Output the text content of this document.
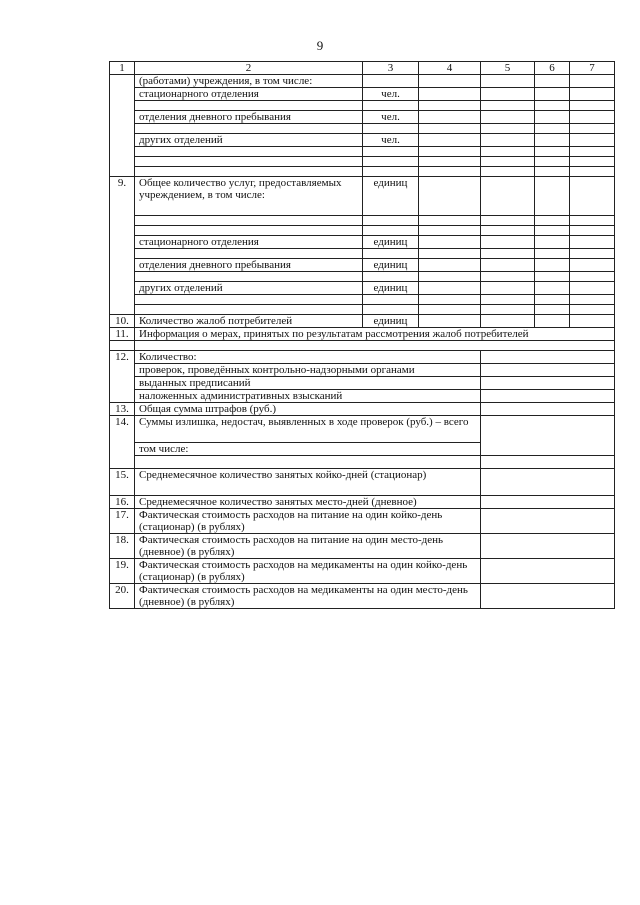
9
1	2	3	4	5	6	7
	(работами) учреждения, в том числе:					
	стационарного отделения	чел.				

	отделения дневного пребывания	чел.				

	других отделений	чел.				

9.	Общее количество услуг, предоставляемых учреждением, в том числе:	единиц				

	стационарного отделения	единиц				

	отделения дневного пребывания	единиц				

	других отделений	единиц				

10.	Количество жалоб потребителей	единиц				
11.	Информация о мерах, принятых по результатам рассмотрения жалоб потребителей					

12.	Количество:					
	проверок, проведённых контрольно-надзорными органами					
	выданных предписаний					
	наложенных административных взысканий					
13.	Общая сумма штрафов (руб.)					
14.	Суммы излишка, недостач, выявленных в ходе проверок (руб.) – всего					
	том числе:					

15.	Среднемесячное количество занятых койко-дней (стационар)					
16.	Среднемесячное количество занятых место-дней (дневное)					
17.	Фактическая стоимость расходов на питание на один койко-день (стационар) (в рублях)					
18.	Фактическая стоимость расходов на питание на один место-день (дневное) (в рублях)					
19.	Фактическая стоимость расходов на медикаменты на один койко-день (стационар) (в рублях)					
20.	Фактическая стоимость расходов на медикаменты на один место-день (дневное) (в рублях)					
